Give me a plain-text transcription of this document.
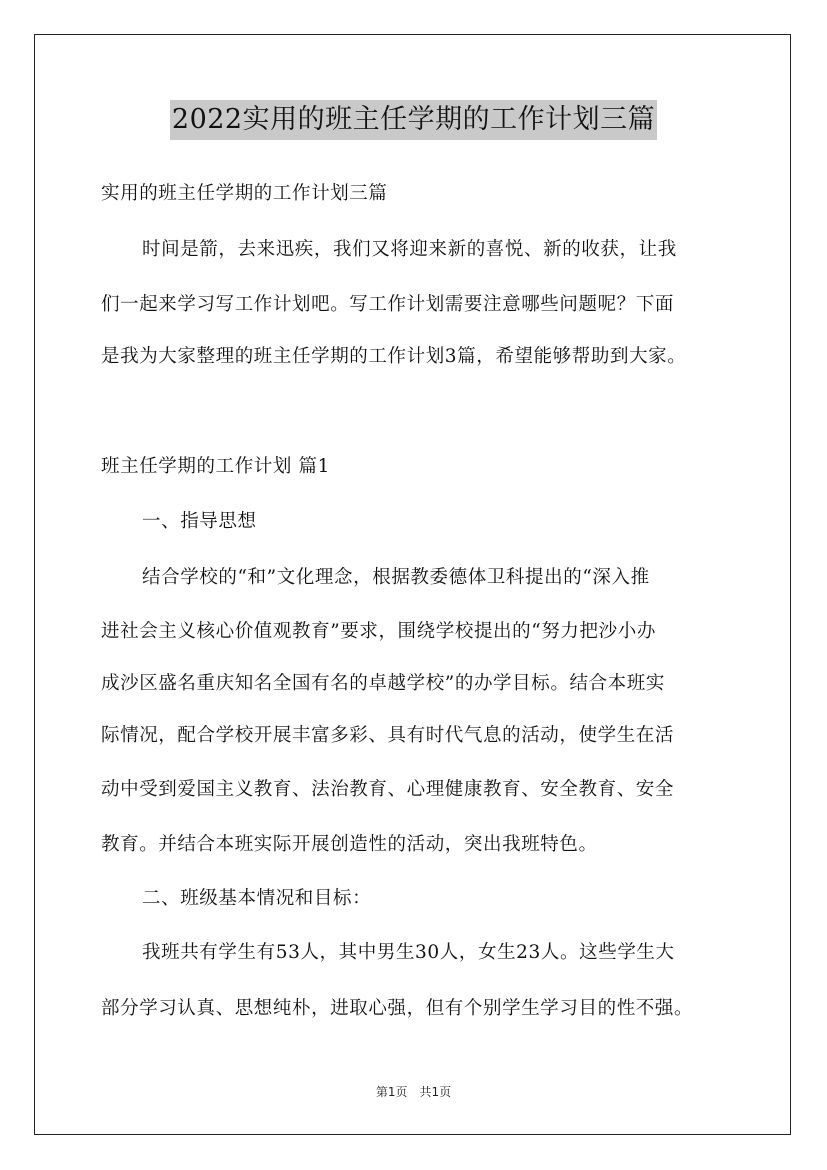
2022实用的班主任学期的工作计划三篇
实用的班主任学期的工作计划三篇
时间是箭，去来迅疾，我们又将迎来新的喜悦、新的收获，让我
们一起来学习写工作计划吧。写工作计划需要注意哪些问题呢？下面
是我为大家整理的班主任学期的工作计划3篇，希望能够帮助到大家。
班主任学期的工作计划 篇1
一、指导思想
结合学校的“和”文化理念，根据教委德体卫科提出的“深入推
进社会主义核心价值观教育”要求，围绕学校提出的“努力把沙小办
成沙区盛名重庆知名全国有名的卓越学校”的办学目标。结合本班实
际情况，配合学校开展丰富多彩、具有时代气息的活动，使学生在活
动中受到爱国主义教育、法治教育、心理健康教育、安全教育、安全
教育。并结合本班实际开展创造性的活动，突出我班特色。
二、班级基本情况和目标：
我班共有学生有53人，其中男生30人，女生23人。这些学生大
部分学习认真、思想纯朴，进取心强，但有个别学生学习目的性不强。
第1页 共1页
